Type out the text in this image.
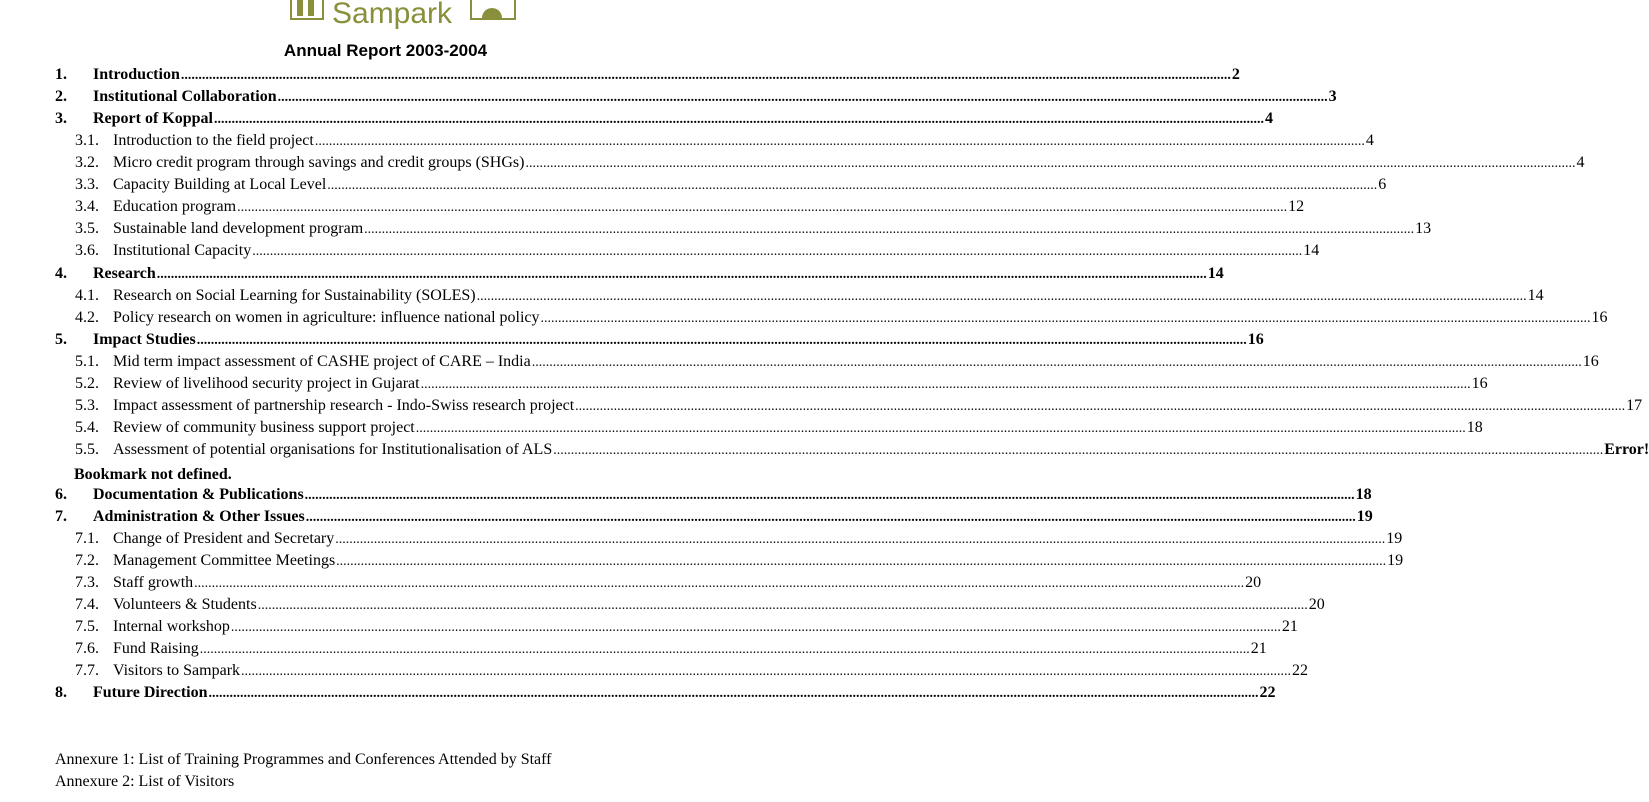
Sampark
Annual Report 2003-2004
1. Introduction ............................................................................................................................................................................................................................................................................................................ 2
2. Institutional Collaboration ............................................................................................................................................................................................................................................................................................................ 3
3. Report of Koppal ............................................................................................................................................................................................................................................................................................................ 4
3.1. Introduction to the field project ............................................................................................................................................................................................................................................................................................................ 4
3.2. Micro credit program through savings and credit groups (SHGs) ............................................................................................................................................................................................................................................................................................................ 4
3.3. Capacity Building at Local Level ............................................................................................................................................................................................................................................................................................................ 6
3.4. Education program ............................................................................................................................................................................................................................................................................................................ 12
3.5. Sustainable land development program ............................................................................................................................................................................................................................................................................................................ 13
3.6. Institutional Capacity ............................................................................................................................................................................................................................................................................................................ 14
4. Research ............................................................................................................................................................................................................................................................................................................ 14
4.1. Research on Social Learning for Sustainability (SOLES) ............................................................................................................................................................................................................................................................................................................ 14
4.2. Policy research on women in agriculture: influence national policy ............................................................................................................................................................................................................................................................................................................ 16
5. Impact Studies ............................................................................................................................................................................................................................................................................................................ 16
5.1. Mid term impact assessment of CASHE project of CARE – India ............................................................................................................................................................................................................................................................................................................ 16
5.2. Review of livelihood security project in Gujarat ............................................................................................................................................................................................................................................................................................................ 16
5.3. Impact assessment of partnership research - Indo-Swiss research project ............................................................................................................................................................................................................................................................................................................ 17
5.4. Review of community business support project ............................................................................................................................................................................................................................................................................................................ 18
5.5. Assessment of potential organisations for Institutionalisation of ALS ............................................................................................................................................................................................................................................................................................................ Error!
6. Documentation & Publications ............................................................................................................................................................................................................................................................................................................ 18
7. Administration & Other Issues ............................................................................................................................................................................................................................................................................................................ 19
7.1. Change of President and Secretary ............................................................................................................................................................................................................................................................................................................ 19
7.2. Management Committee Meetings ............................................................................................................................................................................................................................................................................................................ 19
7.3. Staff growth ............................................................................................................................................................................................................................................................................................................ 20
7.4. Volunteers & Students ............................................................................................................................................................................................................................................................................................................ 20
7.5. Internal workshop ............................................................................................................................................................................................................................................................................................................ 21
7.6. Fund Raising ............................................................................................................................................................................................................................................................................................................ 21
7.7. Visitors to Sampark ............................................................................................................................................................................................................................................................................................................ 22
8. Future Direction ............................................................................................................................................................................................................................................................................................................ 22
Bookmark not defined.
Annexure 1: List of Training Programmes and Conferences Attended by Staff
Annexure 2: List of Visitors
